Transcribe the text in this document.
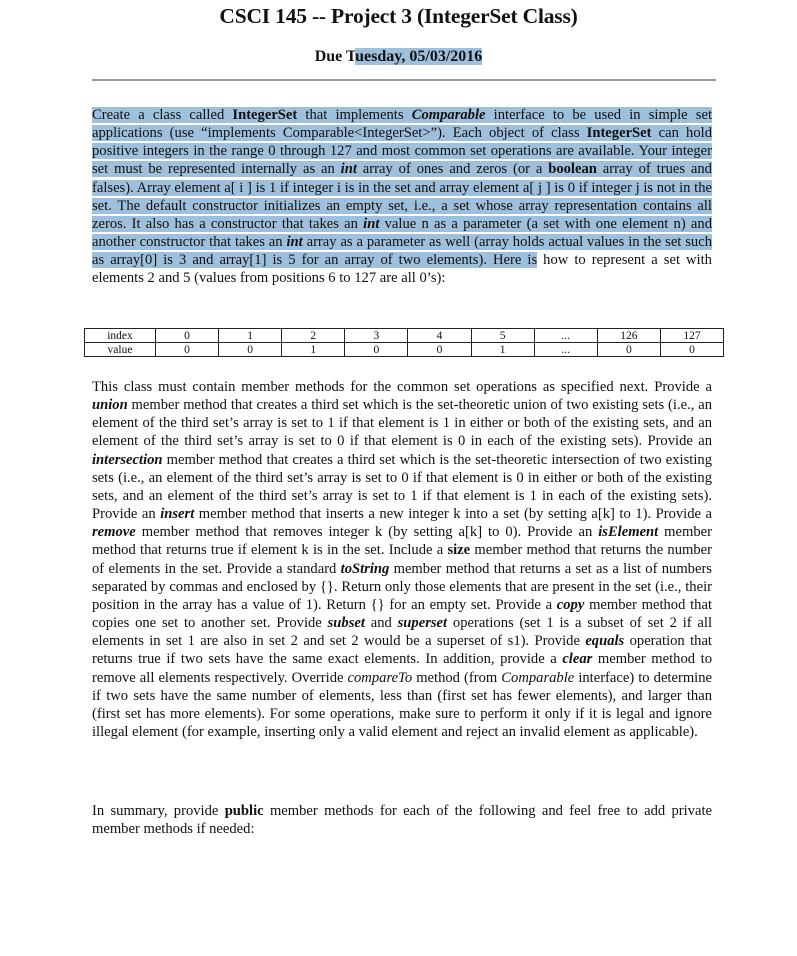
CSCI 145 -- Project 3 (IntegerSet Class)
Due Tuesday, 05/03/2016
Create a class called IntegerSet that implements Comparable interface to be used in simple set applications (use “implements Comparable<IntegerSet>”). Each object of class IntegerSet can hold positive integers in the range 0 through 127 and most common set operations are available. Your integer set must be represented internally as an int array of ones and zeros (or a boolean array of trues and falses). Array element a[ i ] is 1 if integer i is in the set and array element a[ j ] is 0 if integer j is not in the set. The default constructor initializes an empty set, i.e., a set whose array representation contains all zeros. It also has a constructor that takes an int value n as a parameter (a set with one element n) and another constructor that takes an int array as a parameter as well (array holds actual values in the set such as array[0] is 3 and array[1] is 5 for an array of two elements). Here is how to represent a set with elements 2 and 5 (values from positions 6 to 127 are all 0’s):
index	0	1	2	3	4	5	...	126	127
value	0	0	1	0	0	1	...	0	0
This class must contain member methods for the common set operations as specified next. Provide a union member method that creates a third set which is the set-theoretic union of two existing sets (i.e., an element of the third set’s array is set to 1 if that element is 1 in either or both of the existing sets, and an element of the third set’s array is set to 0 if that element is 0 in each of the existing sets). Provide an intersection member method that creates a third set which is the set-theoretic intersection of two existing sets (i.e., an element of the third set’s array is set to 0 if that element is 0 in either or both of the existing sets, and an element of the third set’s array is set to 1 if that element is 1 in each of the existing sets). Provide an insert member method that inserts a new integer k into a set (by setting a[k] to 1). Provide a remove member method that removes integer k (by setting a[k] to 0). Provide an isElement member method that returns true if element k is in the set. Include a size member method that returns the number of elements in the set. Provide a standard toString member method that returns a set as a list of numbers separated by commas and enclosed by {}. Return only those elements that are present in the set (i.e., their position in the array has a value of 1). Return {} for an empty set. Provide a copy member method that copies one set to another set. Provide subset and superset operations (set 1 is a subset of set 2 if all elements in set 1 are also in set 2 and set 2 would be a superset of s1). Provide equals operation that returns true if two sets have the same exact elements. In addition, provide a clear member method to remove all elements respectively. Override compareTo method (from Comparable interface) to determine if two sets have the same number of elements, less than (first set has fewer elements), and larger than (first set has more elements). For some operations, make sure to perform it only if it is legal and ignore illegal element (for example, inserting only a valid element and reject an invalid element as applicable).
In summary, provide public member methods for each of the following and feel free to add private member methods if needed:
